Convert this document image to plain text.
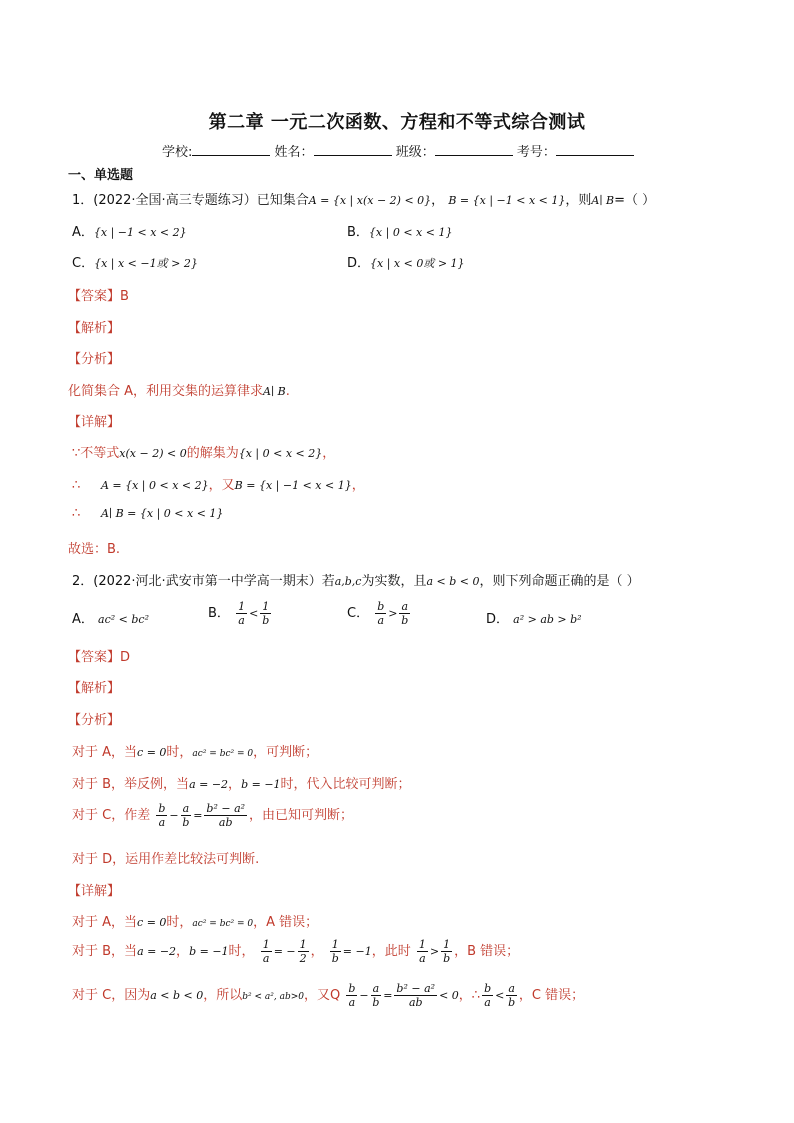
第二章 一元二次函数、方程和不等式综合测试
学校:	姓名：	班级：	考号：
一、单选题
1．(2022·全国·高三专题练习）已知集合A = {x | x(x − 2) < 0}， B = {x | −1 < x < 1}，则A∣ B=（ ）
A．{x | −1 < x < 2}	B．{x | 0 < x < 1}
C．{x | x < −1或 > 2}	D．{x | x < 0或 > 1}
【答案】B
【解析】
【分析】
化简集合 A，利用交集的运算律求A∣ B.
【详解】
∵不等式x(x − 2) < 0的解集为{x | 0 < x < 2}，
∴ A = {x | 0 < x < 2}，又B = {x | −1 < x < 1}，
∴ A∣ B = {x | 0 < x < 1}
故选：B.
2．(2022·河北·武安市第一中学高一期末）若a,b,c为实数，且a < b < 0，则下列命题正确的是（ ）
A． ac² < bc²	B． $\frac{1}{a} < \frac{1}{b}$	C． $\frac{b}{a} > \frac{a}{b}$	D． a² > ab > b²
【答案】D
【解析】
【分析】
对于 A，当c = 0时，ac² = bc² = 0，可判断；
对于 B，举反例，当a = −2，b = −1时，代入比较可判断；
对于 C，作差 $\frac{b}{a} - \frac{a}{b} = \frac{\text{b² − a²}}{ab}$ ，由已知可判断；
对于 D，运用作差比较法可判断.
【详解】
对于 A，当c = 0时，ac² = bc² = 0，A 错误；
对于 B，当a = −2，b = −1时， $\frac{1}{a}$ = − $\frac{1}{2}$ ， $\frac{1}{b} = -1$，此时 $\frac{1}{a} > \frac{1}{b}$ ，B 错误；
对于 C，因为a < b < 0，所以b² < a², ab>0，又Q $\frac{b}{a} - \frac{a}{b} = \frac{\text{b² − a²}}{ab} < 0$，∴ $\frac{b}{a} < \frac{a}{b}$ ，C 错误；
